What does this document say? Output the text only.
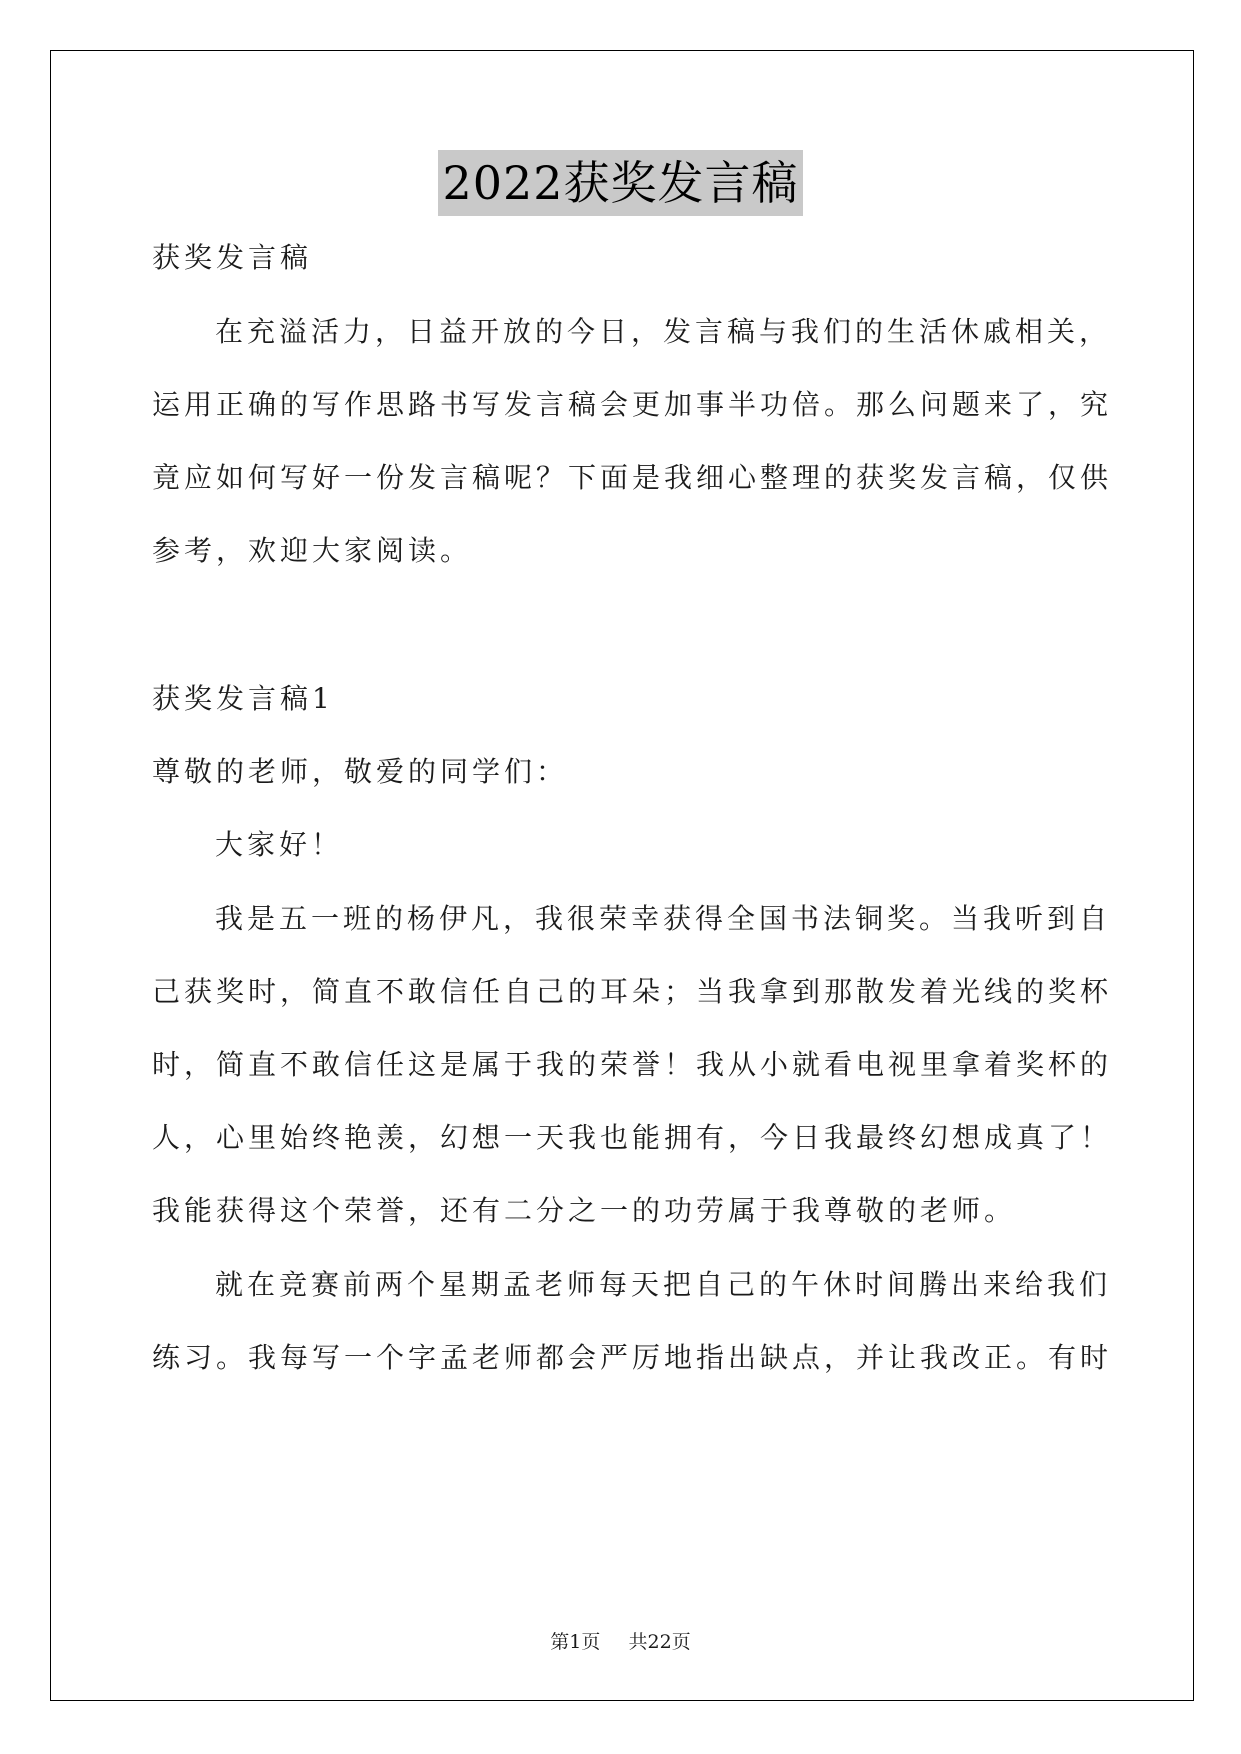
2022获奖发言稿

获奖发言稿

在充溢活力，日益开放的今日，发言稿与我们的生活休戚相关，

运用正确的写作思路书写发言稿会更加事半功倍。那么问题来了，究

竟应如何写好一份发言稿呢？下面是我细心整理的获奖发言稿，仅供

参考，欢迎大家阅读。

获奖发言稿1

尊敬的老师，敬爱的同学们：

大家好！

我是五一班的杨伊凡，我很荣幸获得全国书法铜奖。当我听到自

己获奖时，简直不敢信任自己的耳朵；当我拿到那散发着光线的奖杯

时，简直不敢信任这是属于我的荣誉！我从小就看电视里拿着奖杯的

人，心里始终艳羡，幻想一天我也能拥有，今日我最终幻想成真了！

我能获得这个荣誉，还有二分之一的功劳属于我尊敬的老师。

就在竞赛前两个星期孟老师每天把自己的午休时间腾出来给我们

练习。我每写一个字孟老师都会严厉地指出缺点，并让我改正。有时

第1页 共22页
